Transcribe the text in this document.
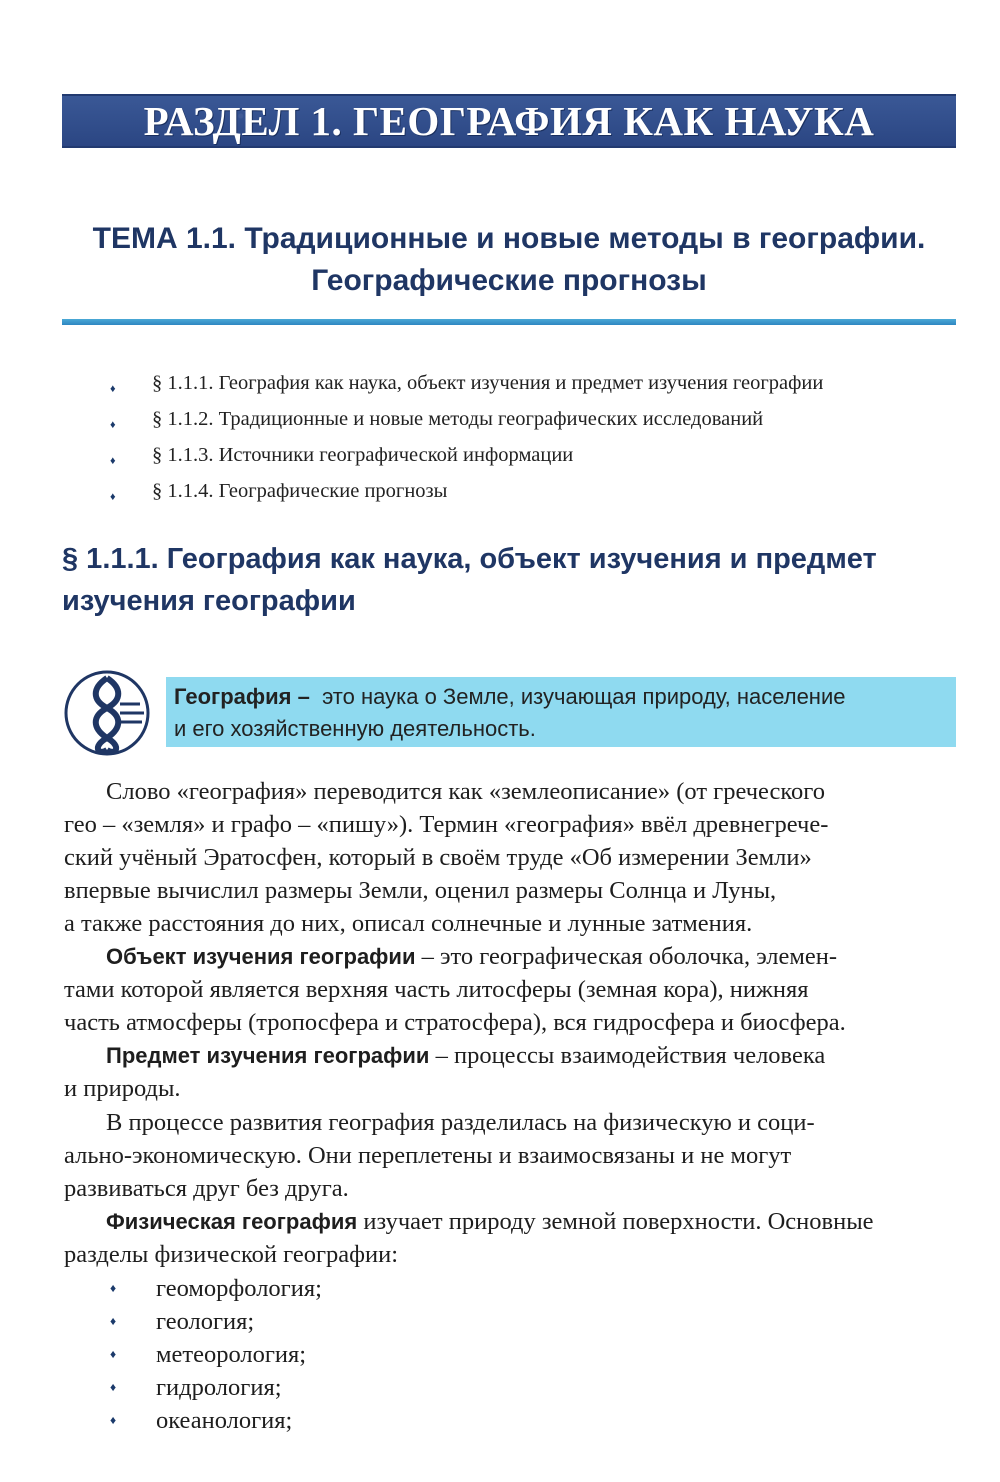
РАЗДЕЛ 1. ГЕОГРАФИЯ КАК НАУКА
ТЕМА 1.1. Традиционные и новые методы в географии.
Географические прогнозы
♦ § 1.1.1. География как наука, объект изучения и предмет изучения географии
♦ § 1.1.2. Традиционные и новые методы географических исследований
♦ § 1.1.3. Источники географической информации
♦ § 1.1.4. Географические прогнозы
§ 1.1.1. География как наука, объект изучения и предмет
изучения географии
География – это наука о Земле, изучающая природу, население
и его хозяйственную деятельность.
Слово «география» переводится как «землеописание» (от греческого
гео – «земля» и графо – «пишу»). Термин «география» ввёл древнегрече-
ский учёный Эратосфен, который в своём труде «Об измерении Земли»
впервые вычислил размеры Земли, оценил размеры Солнца и Луны,
а также расстояния до них, описал солнечные и лунные затмения.
Объект изучения географии – это географическая оболочка, элемен-
тами которой является верхняя часть литосферы (земная кора), нижняя
часть атмосферы (тропосфера и стратосфера), вся гидросфера и биосфера.
Предмет изучения географии – процессы взаимодействия человека
и природы.
В процессе развития география разделилась на физическую и соци-
ально-экономическую. Они переплетены и взаимосвязаны и не могут
развиваться друг без друга.
Физическая география изучает природу земной поверхности. Основные
разделы физической географии:
♦ геоморфология;
♦ геология;
♦ метеорология;
♦ гидрология;
♦ океанология;
